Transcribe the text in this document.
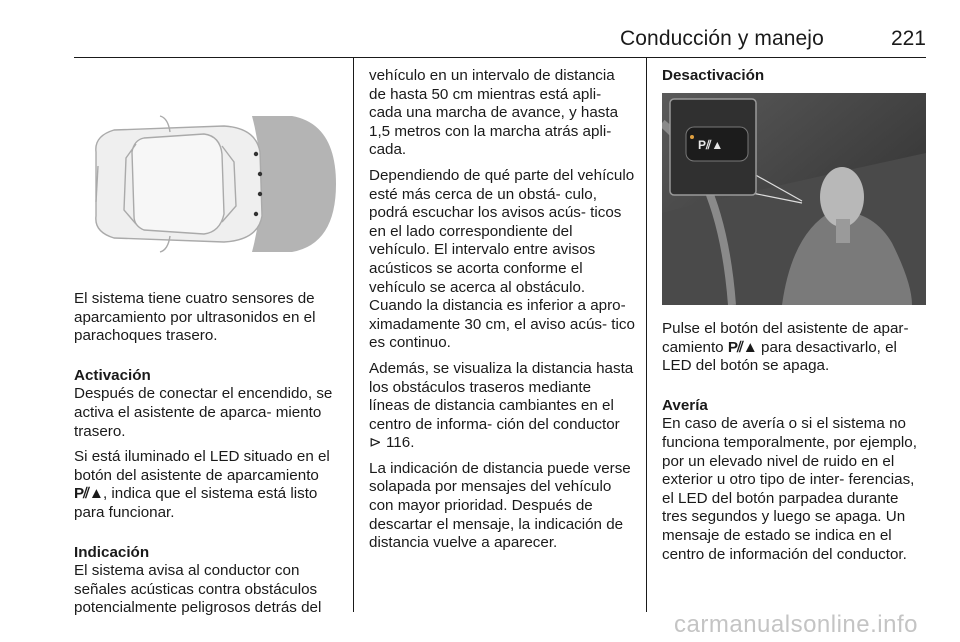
Conducción y manejo	221

El sistema tiene cuatro sensores de aparcamiento por ultrasonidos en el parachoques trasero.

Activación

Después de conectar el encendido, se activa el asistente de aparca- miento trasero.

Si está iluminado el LED situado en el botón del asistente de aparcamiento P⫽▲, indica que el sistema está listo para funcionar.

Indicación

El sistema avisa al conductor con señales acústicas contra obstáculos potencialmente peligrosos detrás del

vehículo en un intervalo de distancia de hasta 50 cm mientras está apli- cada una marcha de avance, y hasta 1,5 metros con la marcha atrás apli- cada.

Dependiendo de qué parte del vehículo esté más cerca de un obstá- culo, podrá escuchar los avisos acús- ticos en el lado correspondiente del vehículo. El intervalo entre avisos acústicos se acorta conforme el vehículo se acerca al obstáculo. Cuando la distancia es inferior a apro- ximadamente 30 cm, el aviso acús- tico es continuo.

Además, se visualiza la distancia hasta los obstáculos traseros mediante líneas de distancia cambiantes en el centro de informa- ción del conductor ⊳ 116.

La indicación de distancia puede verse solapada por mensajes del vehículo con mayor prioridad. Después de descartar el mensaje, la indicación de distancia vuelve a aparecer.

Desactivación
P⫽▲

Pulse el botón del asistente de apar- camiento P⫽▲ para desactivarlo, el LED del botón se apaga.

Avería

En caso de avería o si el sistema no funciona temporalmente, por ejemplo, por un elevado nivel de ruido en el exterior u otro tipo de inter- ferencias, el LED del botón parpadea durante tres segundos y luego se apaga. Un mensaje de estado se indica en el centro de información del conductor.

carmanualsonline.info
